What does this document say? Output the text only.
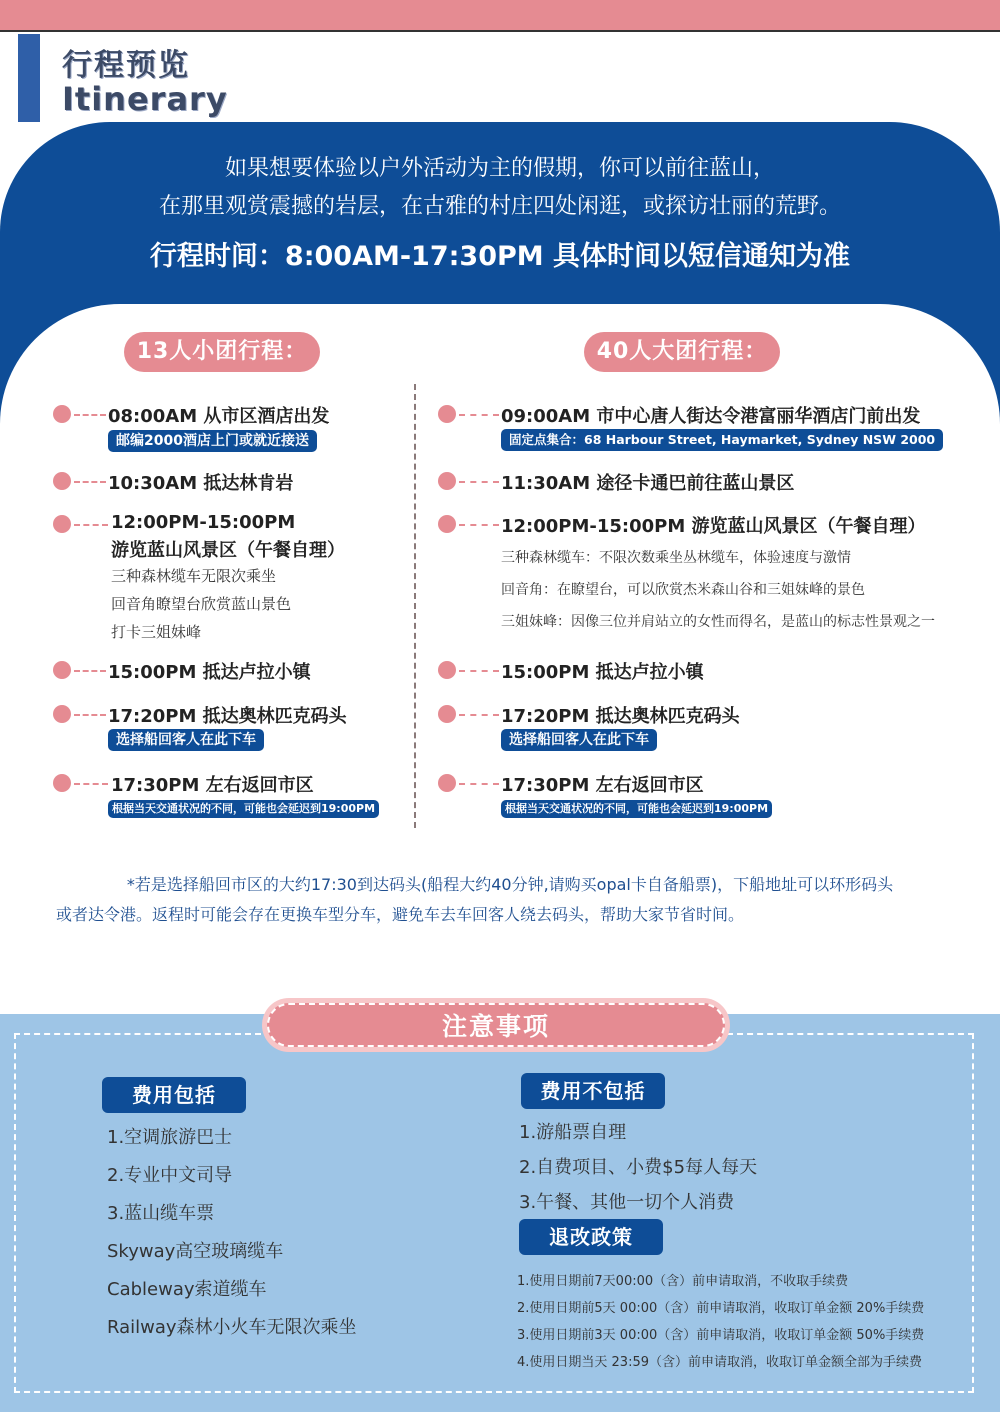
行程预览
Itinerary
如果想要体验以户外活动为主的假期，你可以前往蓝山，
在那里观赏震撼的岩层，在古雅的村庄四处闲逛，或探访壮丽的荒野。
行程时间：8:00AM-17:30PM 具体时间以短信通知为准
13人小团行程：	40人大团行程：
08:00AM 从市区酒店出发
邮编2000酒店上门或就近接送
10:30AM 抵达林肯岩
12:00PM-15:00PM
游览蓝山风景区（午餐自理）
三种森林缆车无限次乘坐
回音角瞭望台欣赏蓝山景色
打卡三姐妹峰
15:00PM 抵达卢拉小镇
17:20PM 抵达奥林匹克码头
选择船回客人在此下车
17:30PM 左右返回市区
根据当天交通状况的不同，可能也会延迟到19:00PM
09:00AM 市中心唐人街达令港富丽华酒店门前出发
固定点集合：68 Harbour Street, Haymarket, Sydney NSW 2000
11:30AM 途径卡通巴前往蓝山景区
12:00PM-15:00PM 游览蓝山风景区（午餐自理）
三种森林缆车：不限次数乘坐丛林缆车，体验速度与激情
回音角：在瞭望台，可以欣赏杰米森山谷和三姐妹峰的景色
三姐妹峰：因像三位并肩站立的女性而得名，是蓝山的标志性景观之一
15:00PM 抵达卢拉小镇
17:20PM 抵达奥林匹克码头
选择船回客人在此下车
17:30PM 左右返回市区
根据当天交通状况的不同，可能也会延迟到19:00PM
*若是选择船回市区的大约17:30到达码头(船程大约40分钟,请购买opal卡自备船票)，下船地址可以环形码头
或者达令港。返程时可能会存在更换车型分车，避免车去车回客人绕去码头，帮助大家节省时间。
注意事项
费用包括
1.空调旅游巴士
2.专业中文司导
3.蓝山缆车票
Skyway高空玻璃缆车
Cableway索道缆车
Railway森林小火车无限次乘坐
费用不包括
1.游船票自理
2.自费项目、小费$5每人每天
3.午餐、其他一切个人消费
退改政策
1.使用日期前7天00:00（含）前申请取消，不收取手续费
2.使用日期前5天 00:00（含）前申请取消，收取订单金额 20%手续费
3.使用日期前3天 00:00（含）前申请取消，收取订单金额 50%手续费
4.使用日期当天 23:59（含）前申请取消，收取订单金额全部为手续费
